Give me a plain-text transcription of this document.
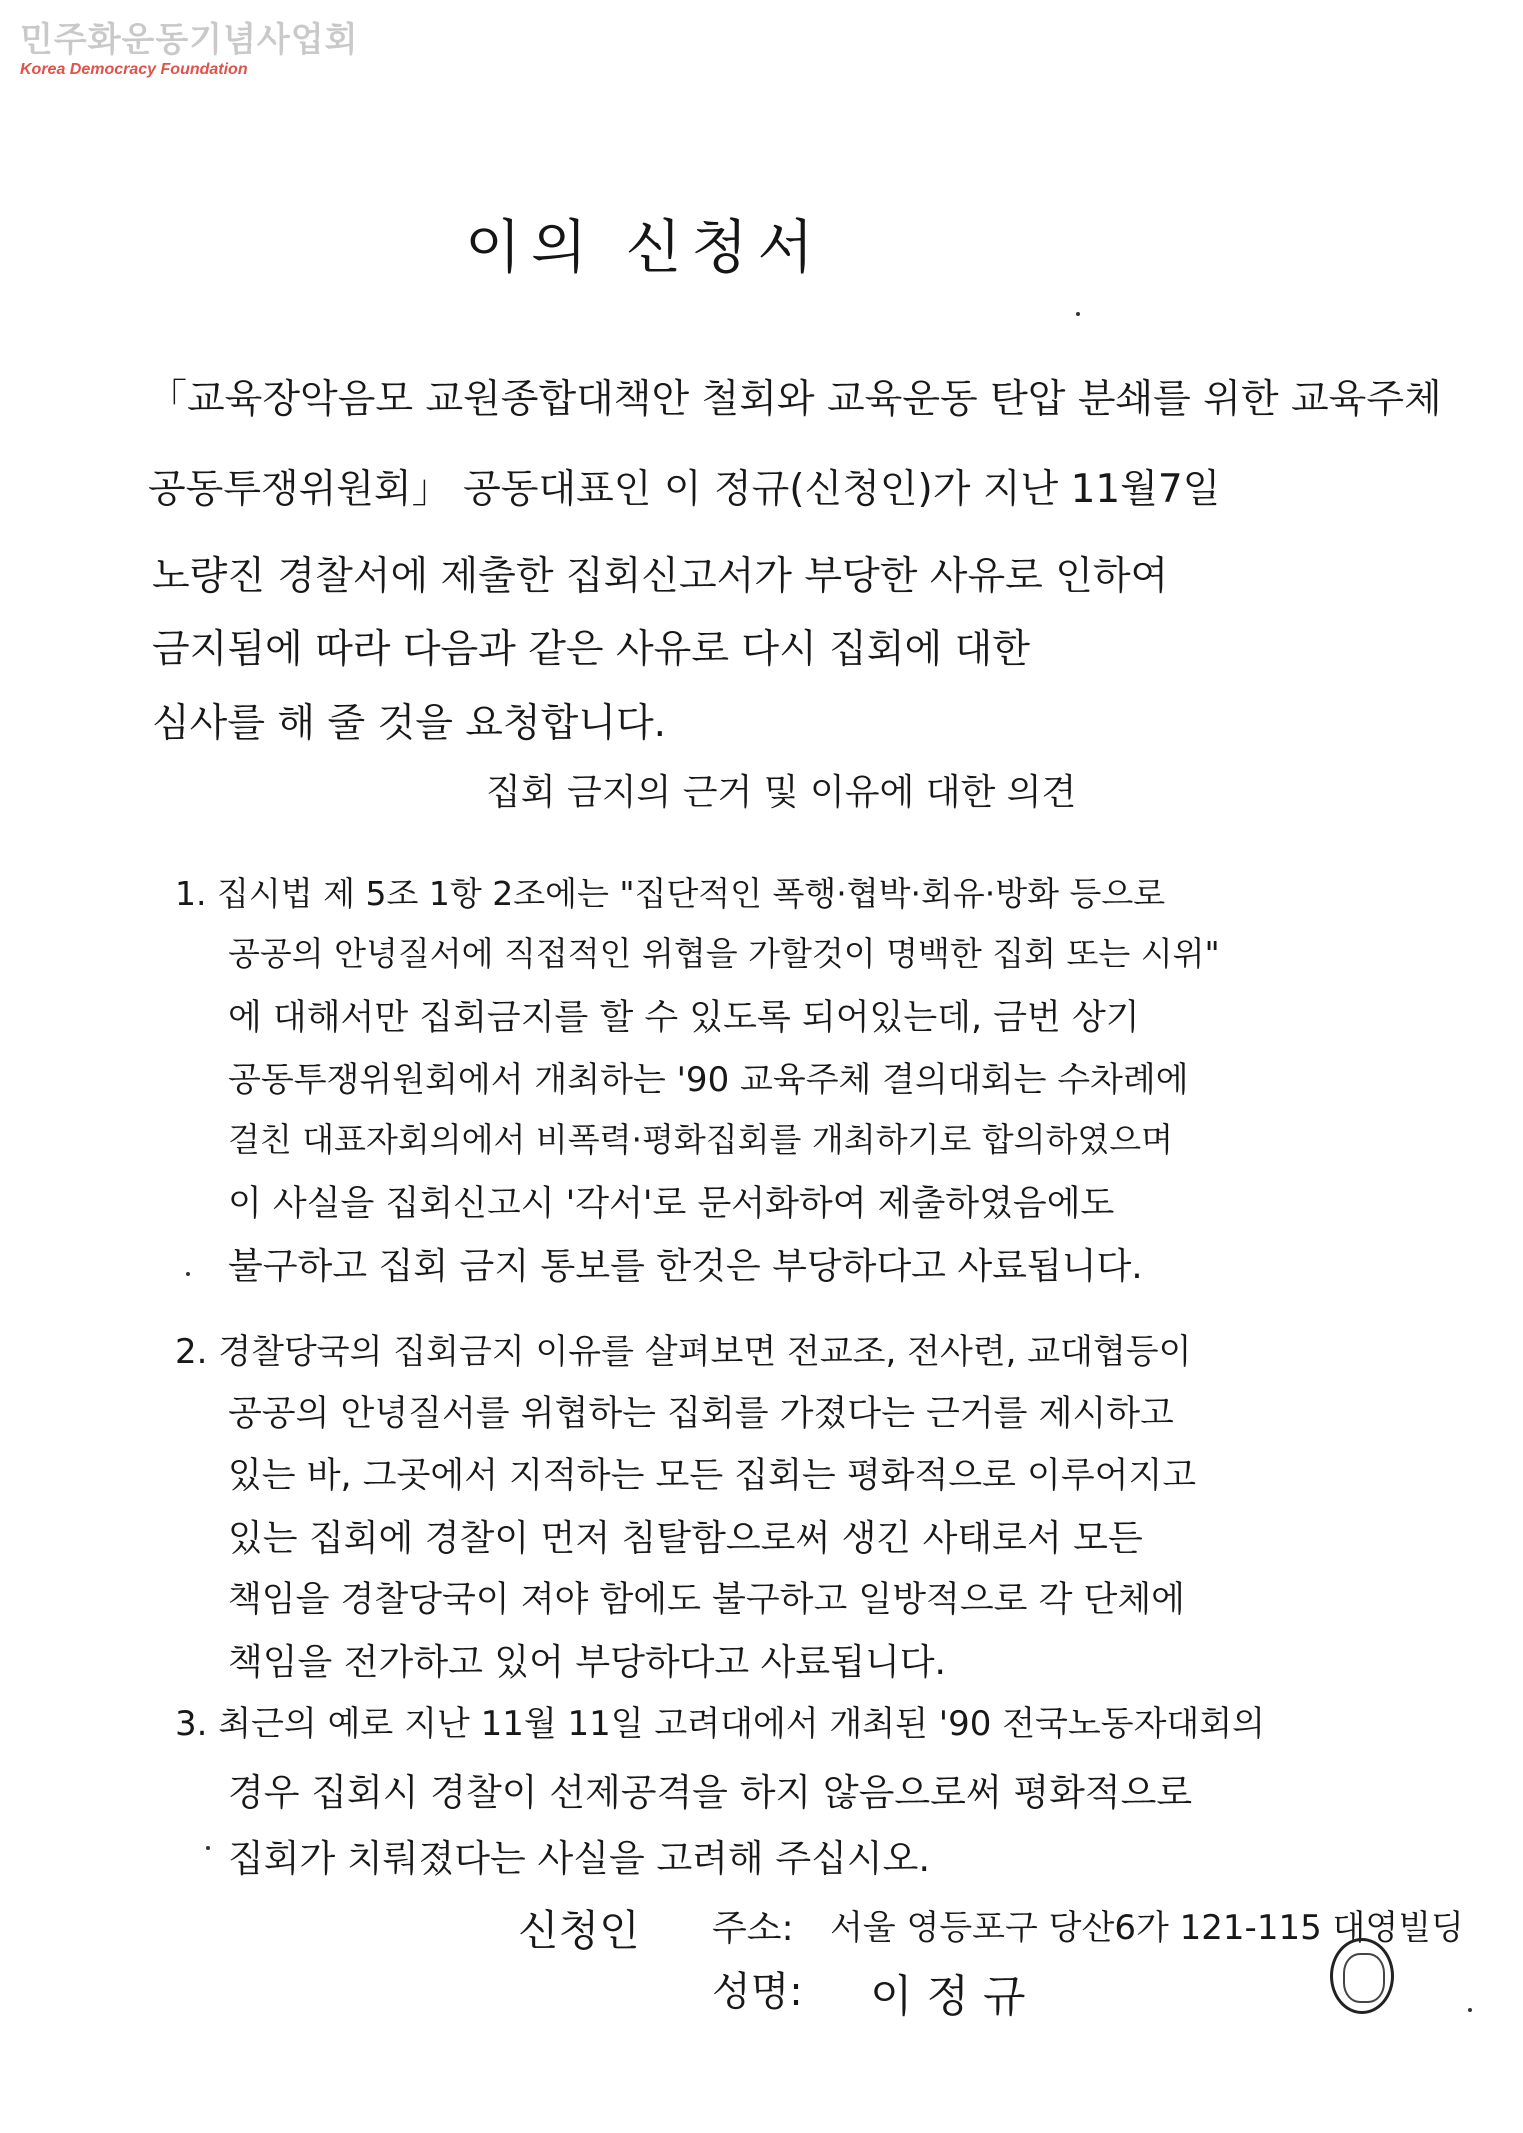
민주화운동기념사업회
Korea Democracy Foundation
이의 신청서
「교육장악음모 교원종합대책안 철회와 교육운동 탄압 분쇄를 위한 교육주체
공동투쟁위원회」 공동대표인 이 정규(신청인)가 지난 11월7일
노량진 경찰서에 제출한 집회신고서가 부당한 사유로 인하여
금지됨에 따라 다음과 같은 사유로 다시 집회에 대한
심사를 해 줄 것을 요청합니다.
집회 금지의 근거 및 이유에 대한 의견
1. 집시법 제 5조 1항 2조에는 "집단적인 폭행·협박·회유·방화 등으로
공공의 안녕질서에 직접적인 위협을 가할것이 명백한 집회 또는 시위"
에 대해서만 집회금지를 할 수 있도록 되어있는데, 금번 상기
공동투쟁위원회에서 개최하는 '90 교육주체 결의대회는 수차례에
걸친 대표자회의에서 비폭력·평화집회를 개최하기로 합의하였으며
이 사실을 집회신고시 '각서'로 문서화하여 제출하였음에도
불구하고 집회 금지 통보를 한것은 부당하다고 사료됩니다.
2. 경찰당국의 집회금지 이유를 살펴보면 전교조, 전사련, 교대협등이
공공의 안녕질서를 위협하는 집회를 가졌다는 근거를 제시하고
있는 바, 그곳에서 지적하는 모든 집회는 평화적으로 이루어지고
있는 집회에 경찰이 먼저 침탈함으로써 생긴 사태로서 모든
책임을 경찰당국이 져야 함에도 불구하고 일방적으로 각 단체에
책임을 전가하고 있어 부당하다고 사료됩니다.
3. 최근의 예로 지난 11월 11일 고려대에서 개최된 '90 전국노동자대회의
경우 집회시 경찰이 선제공격을 하지 않음으로써 평화적으로
집회가 치뤄졌다는 사실을 고려해 주십시오.
신청인 주소: 서울 영등포구 당산6가 121-115 대영빌딩
성명: 이 정 규
